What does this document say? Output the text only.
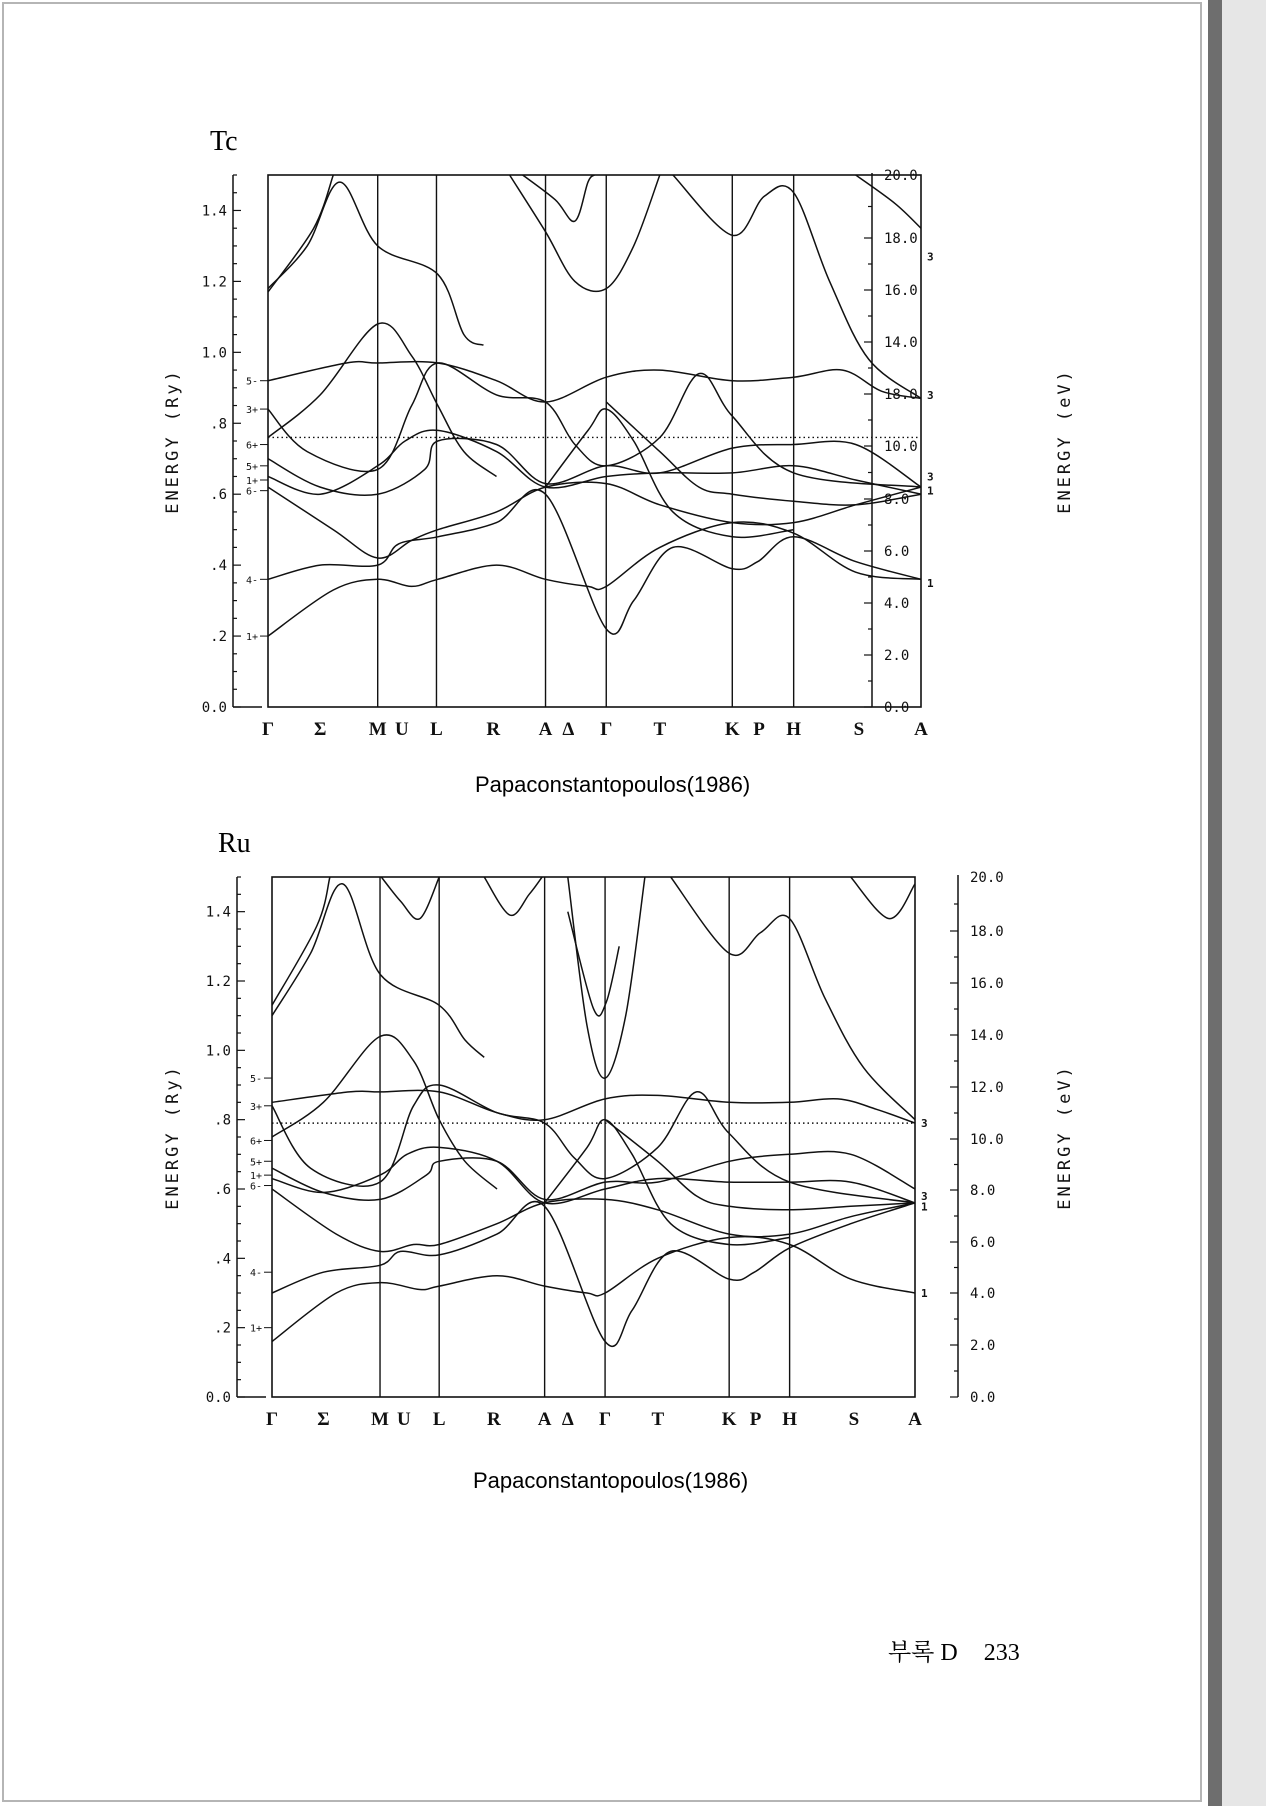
Tc
0.0
.2
.4
.6
.8
1.0
1.2
1.4
ENERGY (Ry)
0.0
2.0
4.0
6.0
8.0
10.0
18.0
14.0
16.0
18.0
20.0
ENERGY (eV)
Γ Σ M U L R A Δ Γ T	K P H	S	A
5-
3+
6+
5+
1+
6-
4-
1+
3
3
3
1
1
Papaconstantopoulos(1986)
Ru
0.0
.2
.4
.6
.8
1.0
1.2
1.4
ENERGY (Ry)
0.0
2.0
4.0
6.0
8.0
10.0
12.0
14.0
16.0
18.0
20.0
ENERGY (eV)
Γ Σ M U L R A Δ Γ T	K P H	S	A
5-
3+
6+
5+
1+
6-
4-
1+
3
3
1
1
Papaconstantopoulos(1986)
부록 D 233
